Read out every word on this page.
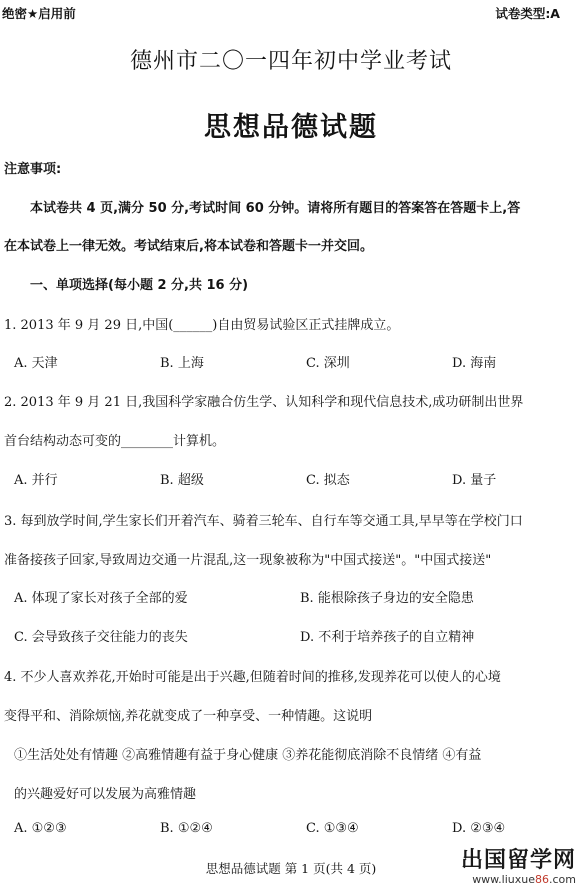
绝密★启用前	试卷类型:A
德州市二〇一四年初中学业考试
思想品德试题
注意事项:
本试卷共 4 页,满分 50 分,考试时间 60 分钟。请将所有题目的答案答在答题卡上,答
在本试卷上一律无效。考试结束后,将本试卷和答题卡一并交回。
一、单项选择(每小题 2 分,共 16 分)
1. 2013 年 9 月 29 日,中国(______)自由贸易试验区正式挂牌成立。
A. 天津	B. 上海	C. 深圳	D. 海南
2. 2013 年 9 月 21 日,我国科学家融合仿生学、认知科学和现代信息技术,成功研制出世界
首台结构动态可变的________计算机。
A. 并行	B. 超级	C. 拟态	D. 量子
3. 每到放学时间,学生家长们开着汽车、骑着三轮车、自行车等交通工具,早早等在学校门口
准备接孩子回家,导致周边交通一片混乱,这一现象被称为"中国式接送"。"中国式接送"
A. 体现了家长对孩子全部的爱	B. 能根除孩子身边的安全隐患
C. 会导致孩子交往能力的丧失	D. 不利于培养孩子的自立精神
4. 不少人喜欢养花,开始时可能是出于兴趣,但随着时间的推移,发现养花可以使人的心境
变得平和、消除烦恼,养花就变成了一种享受、一种情趣。这说明
①生活处处有情趣 ②高雅情趣有益于身心健康 ③养花能彻底消除不良情绪 ④有益
的兴趣爱好可以发展为高雅情趣
A. ①②③	B. ①②④	C. ①③④	D. ②③④
思想品德试题 第 1 页(共 4 页)	出国留学网
www.liuxue86.com
